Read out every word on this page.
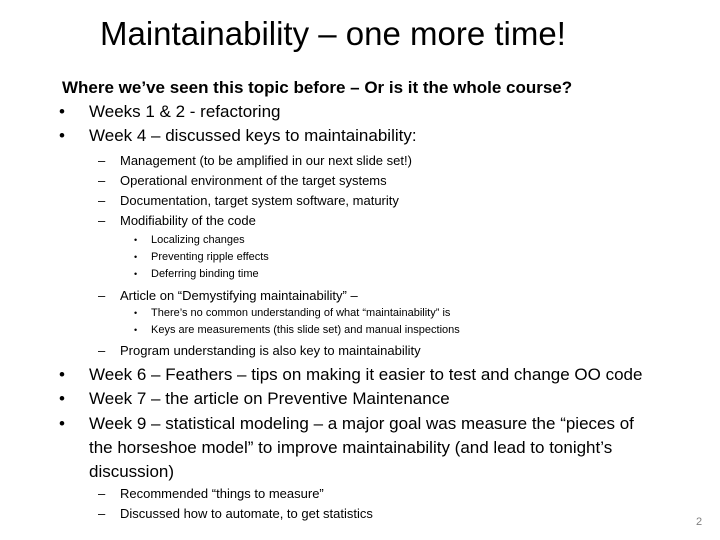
Maintainability – one more time!
Where we’ve seen this topic before – Or is it the whole course?
• Weeks 1 & 2 - refactoring
• Week 4 – discussed keys to maintainability:
– Management (to be amplified in our next slide set!)
– Operational environment of the target systems
– Documentation, target system software, maturity
– Modifiability of the code
• Localizing changes
• Preventing ripple effects
• Deferring binding time
– Article on “Demystifying maintainability” –
• There’s no common understanding of what “maintainability” is
• Keys are measurements (this slide set) and manual inspections
– Program understanding is also key to maintainability
• Week 6 – Feathers – tips on making it easier to test and change OO code
• Week 7 – the article on Preventive Maintenance
• Week 9 – statistical modeling – a major goal was measure the “pieces of
the horseshoe model” to improve maintainability (and lead to tonight’s
discussion)
– Recommended “things to measure”
– Discussed how to automate, to get statistics
2
